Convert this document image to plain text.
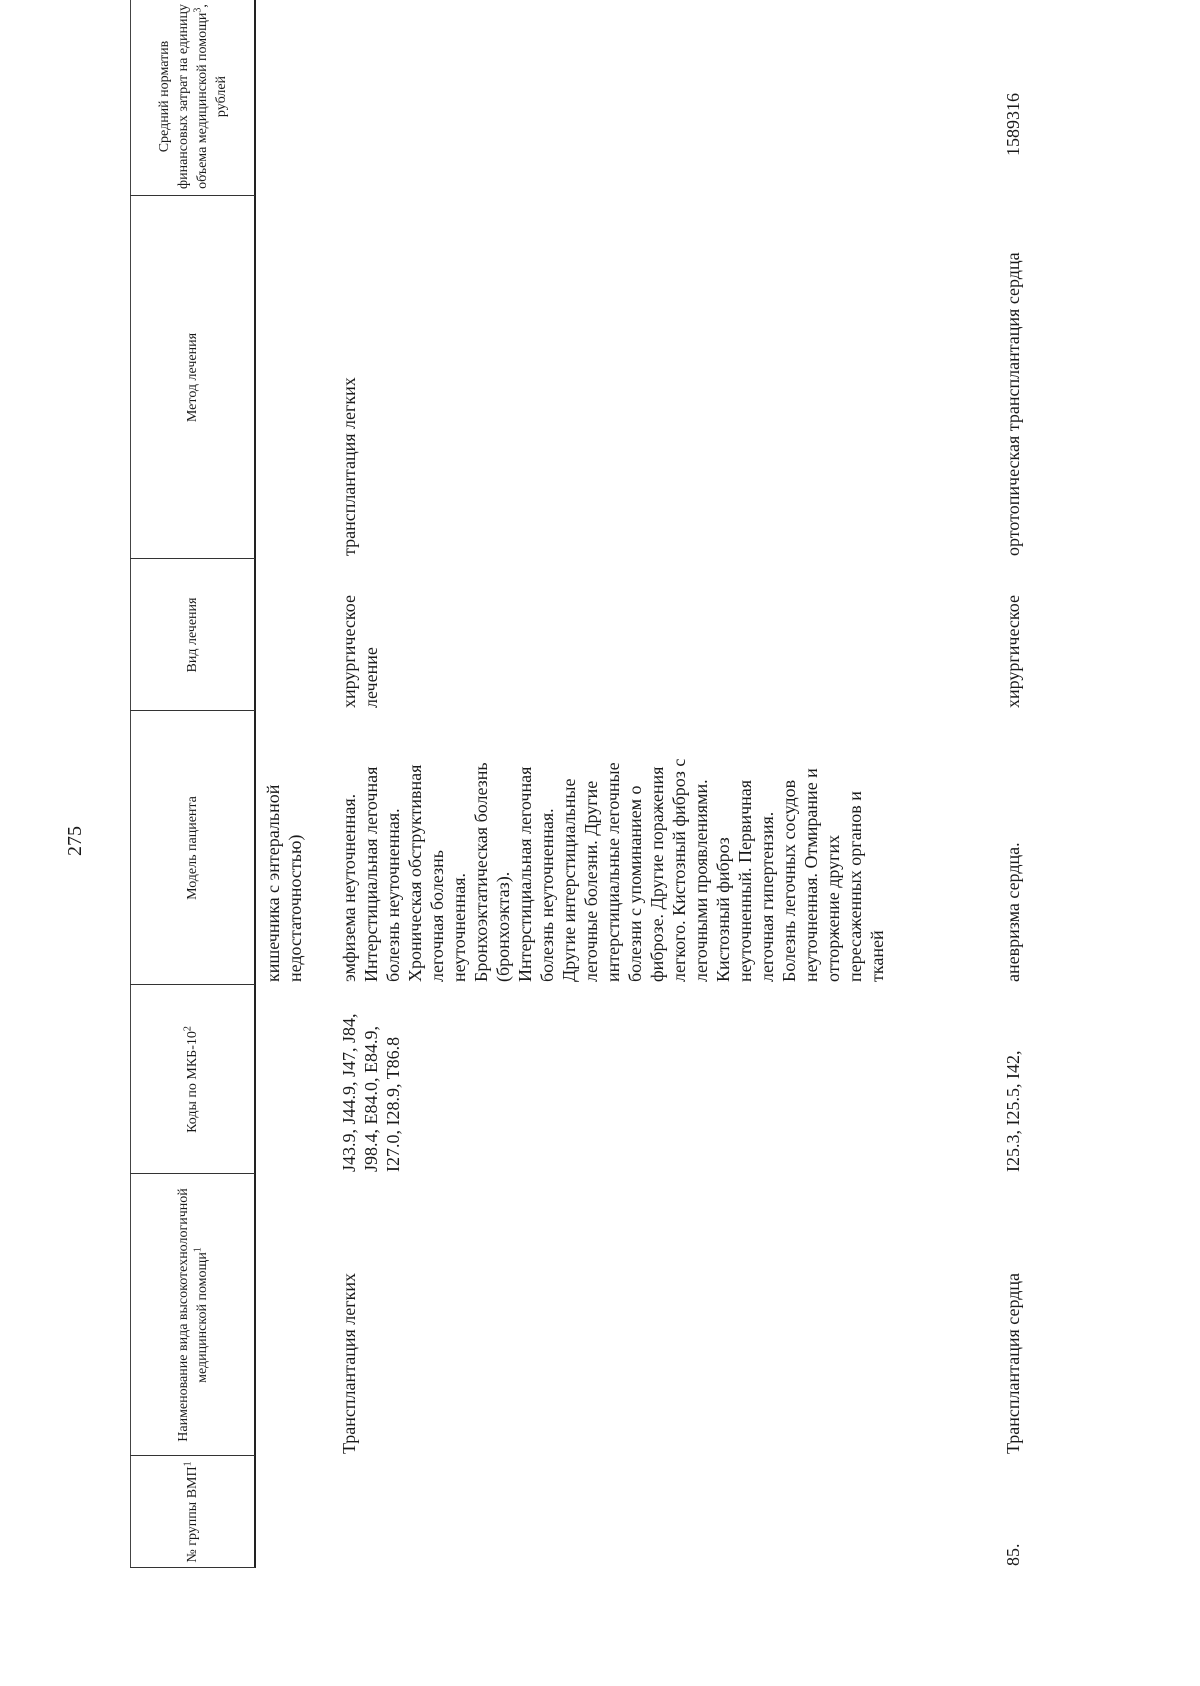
275
№ группы ВМП$^1$
Наименование вида высокотехнологичной медицинской помощи$^1$
Коды по МКБ-$10^2$
Модель пациента
Вид лечения
Метод лечения
Средний норматив финансовых затрат на единицу объема медицинской помощи$^3$, рублей
кишечника с энтеральной недостаточностью)
Трансплантация легких
J43.9, J44.9, J47, J84, J98.4, E84.0, E84.9, I27.0, I28.9, T86.8
эмфизема неуточненная. Интерстициальная легочная болезнь неуточненная. Хроническая обструктивная легочная болезнь неуточненная. Бронхоэктатическая болезнь (бронхоэктаз). Интерстициальная легочная болезнь неуточненная. Другие интерстициальные легочные болезни. Другие интерстициальные легочные болезни с упоминанием о фиброзе. Другие поражения легкого. Кистозный фиброз с легочными проявлениями. Кистозный фиброз неуточненный. Первичная легочная гипертензия. Болезнь легочных сосудов неуточненная. Отмирание и отторжение других пересаженных органов и тканей
хирургическое лечение
трансплантация легких
85.
Трансплантация сердца
I25.3, I25.5, I42,
аневризма сердца.
хирургическое
ортотопическая трансплантация сердца
1589316
